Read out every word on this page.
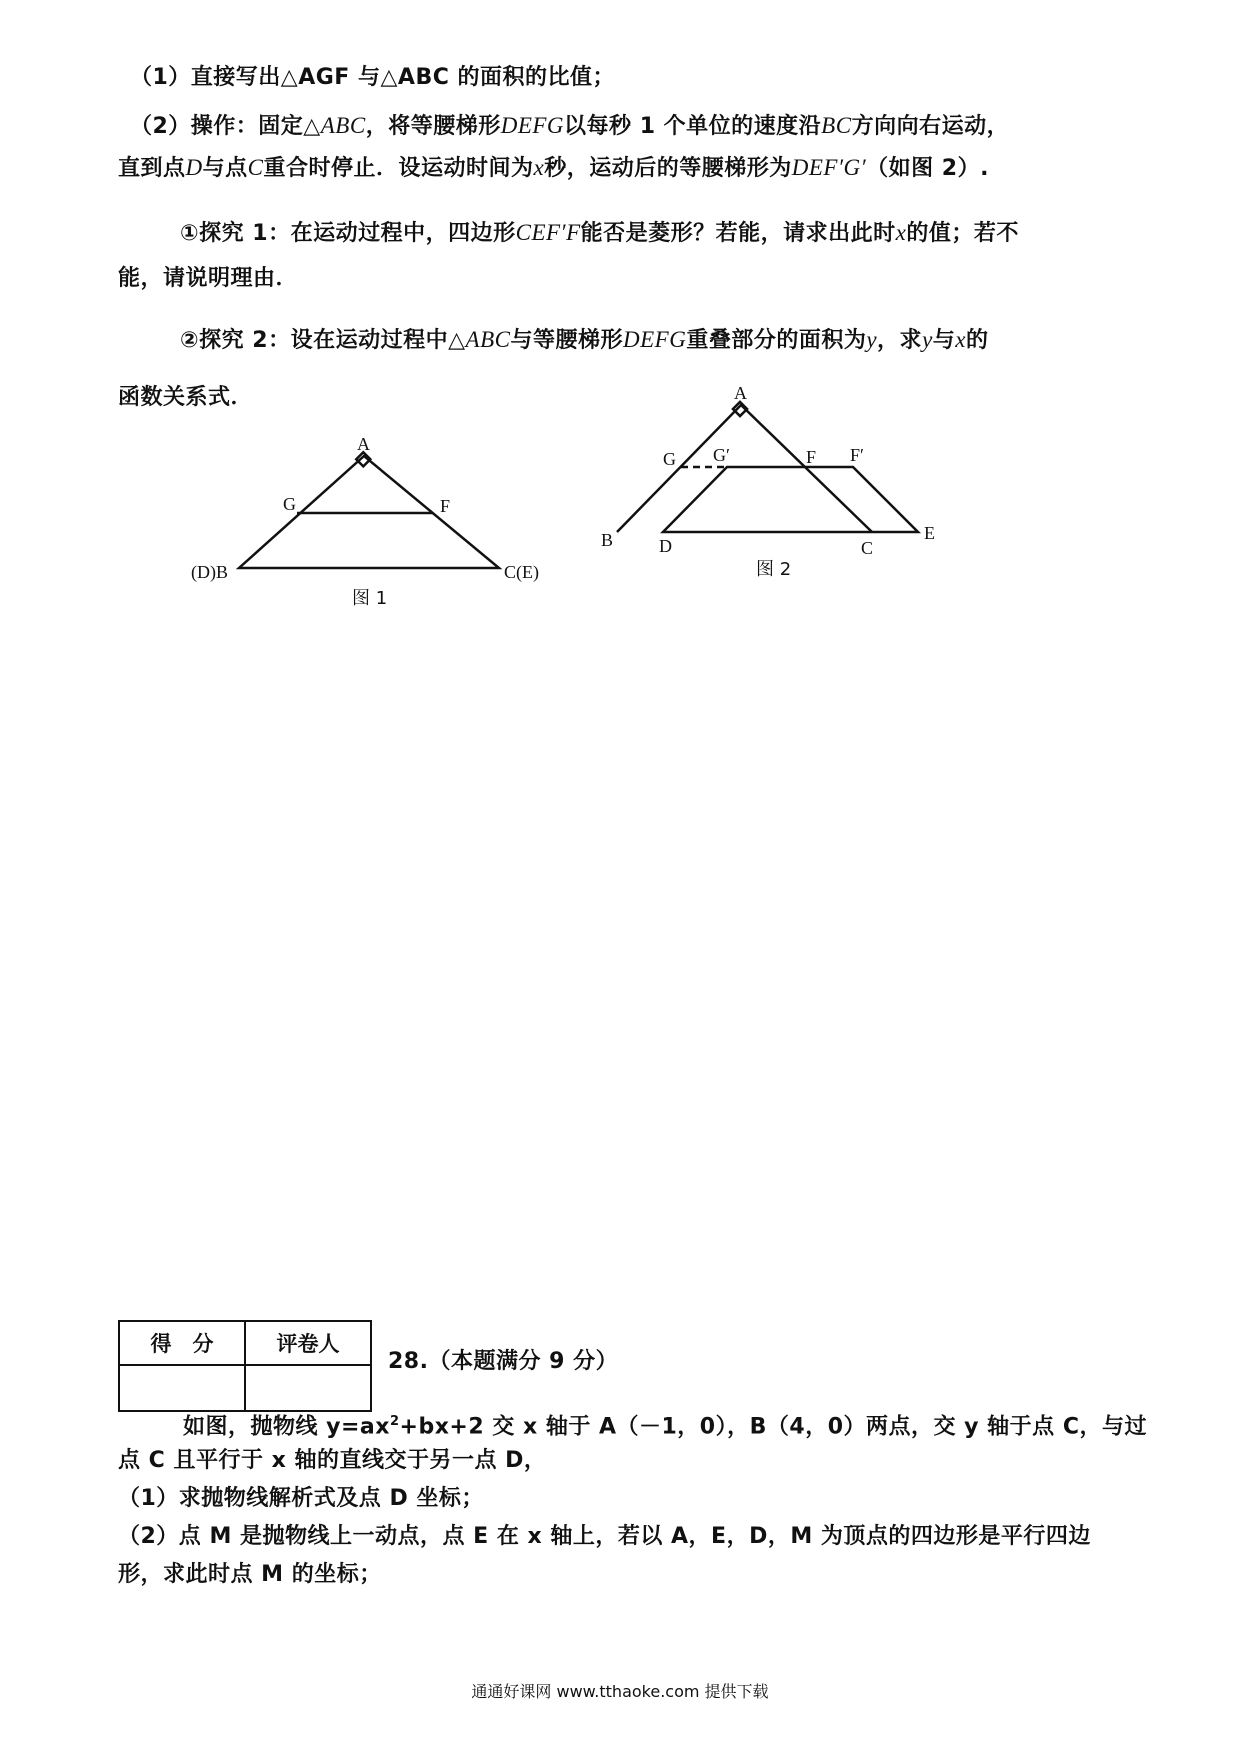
（1）直接写出△AGF 与△ABC 的面积的比值；
（2）操作：固定△ABC，将等腰梯形DEFG以每秒 1 个单位的速度沿BC方向向右运动，
直到点D与点C重合时停止．设运动时间为x秒，运动后的等腰梯形为DEF′G′（如图 2）.
①探究 1：在运动过程中，四边形CEF′F能否是菱形？若能，请求出此时x的值；若不
能，请说明理由．
②探究 2：设在运动过程中△ABC与等腰梯形DEFG重叠部分的面积为y，求y与x的
函数关系式．
A
G	F
(D)B	C(E)
图 1
A
G G′	F F′
B	D	C
E
图 2
得　分	评卷人

28.（本题满分 9 分）
如图，抛物线 $y=ax^2+bx+2$ 交 x 轴于 A（－1，0），B（4，0）两点，交 y 轴于点 C，与过
点 C 且平行于 x 轴的直线交于另一点 D，
（1）求抛物线解析式及点 D 坐标；
（2）点 M 是抛物线上一动点，点 E 在 x 轴上，若以 A，E，D，M 为顶点的四边形是平行四边
形，求此时点 M 的坐标；
通通好课网 www.tthaoke.com 提供下载
